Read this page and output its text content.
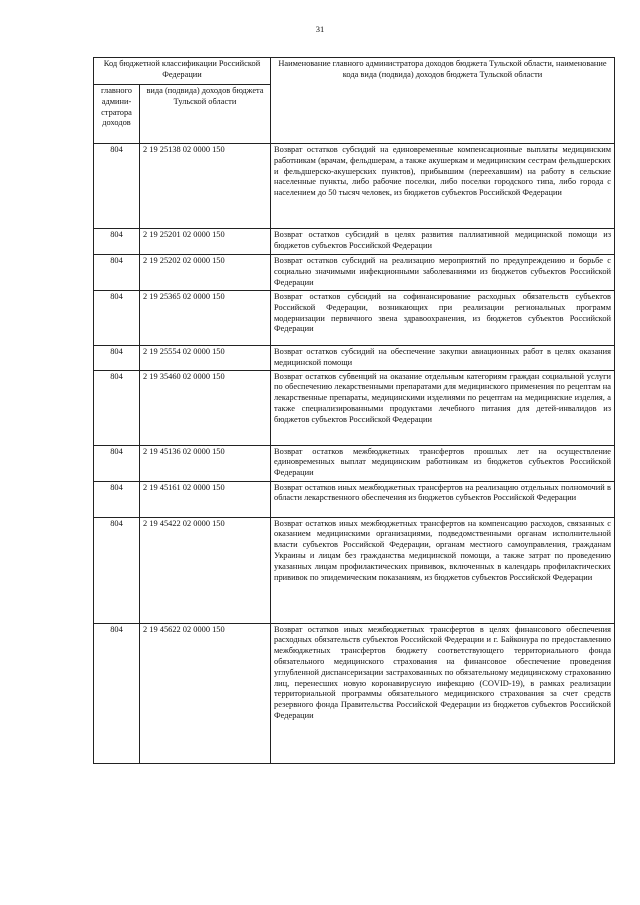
31
Код бюджетной классификации Российской Федерации		Наименование главного администратора доходов бюджета Тульской области, наименование кода вида (подвида) доходов бюджета Тульской области
главного админи-стратора доходов	вида (подвида) доходов бюджета Тульской области	
804	2 19 25138 02 0000 150	Возврат остатков субсидий на единовременные компенсационные выплаты медицинским работникам (врачам, фельдшерам, а также акушеркам и медицинским сестрам фельдшерских и фельдшерско-акушерских пунктов), прибывшим (переехавшим) на работу в сельские населенные пункты, либо рабочие поселки, либо поселки городского типа, либо города с населением до 50 тысяч человек, из бюджетов субъектов Российской Федерации
804	2 19 25201 02 0000 150	Возврат остатков субсидий в целях развития паллиативной медицинской помощи из бюджетов субъектов Российской Федерации
804	2 19 25202 02 0000 150	Возврат остатков субсидий на реализацию мероприятий по предупреждению и борьбе с социально значимыми инфекционными заболеваниями из бюджетов субъектов Российской Федерации
804	2 19 25365 02 0000 150	Возврат остатков субсидий на софинансирование расходных обязательств субъектов Российской Федерации, возникающих при реализации региональных программ модернизации первичного звена здравоохранения, из бюджетов субъектов Российской Федерации
804	2 19 25554 02 0000 150	Возврат остатков субсидий на обеспечение закупки авиационных работ в целях оказания медицинской помощи
804	2 19 35460 02 0000 150	Возврат остатков субвенций на оказание отдельным категориям граждан социальной услуги по обеспечению лекарственными препаратами для медицинского применения по рецептам на лекарственные препараты, медицинскими изделиями по рецептам на медицинские изделия, а также специализированными продуктами лечебного питания для детей-инвалидов из бюджетов субъектов Российской Федерации
804	2 19 45136 02 0000 150	Возврат остатков межбюджетных трансфертов прошлых лет на осуществление единовременных выплат медицинским работникам из бюджетов субъектов Российской Федерации
804	2 19 45161 02 0000 150	Возврат остатков иных межбюджетных трансфертов на реализацию отдельных полномочий в области лекарственного обеспечения из бюджетов субъектов Российской Федерации
804	2 19 45422 02 0000 150	Возврат остатков иных межбюджетных трансфертов на компенсацию расходов, связанных с оказанием медицинскими организациями, подведомственными органам исполнительной власти субъектов Российской Федерации, органам местного самоуправления, гражданам Украины и лицам без гражданства медицинской помощи, а также затрат по проведению указанных лицам профилактических прививок, включенных в календарь профилактических прививок по эпидемическим показаниям, из бюджетов субъектов Российской Федерации
804	2 19 45622 02 0000 150	Возврат остатков иных межбюджетных трансфертов в целях финансового обеспечения расходных обязательств субъектов Российской Федерации и г. Байконура по предоставлению межбюджетных трансфертов бюджету соответствующего территориального фонда обязательного медицинского страхования на финансовое обеспечение проведения углубленной диспансеризации застрахованных по обязательному медицинскому страхованию лиц, перенесших новую коронавирусную инфекцию (COVID-19), в рамках реализации территориальной программы обязательного медицинского страхования за счет средств резервного фонда Правительства Российской Федерации из бюджетов субъектов Российской Федерации
